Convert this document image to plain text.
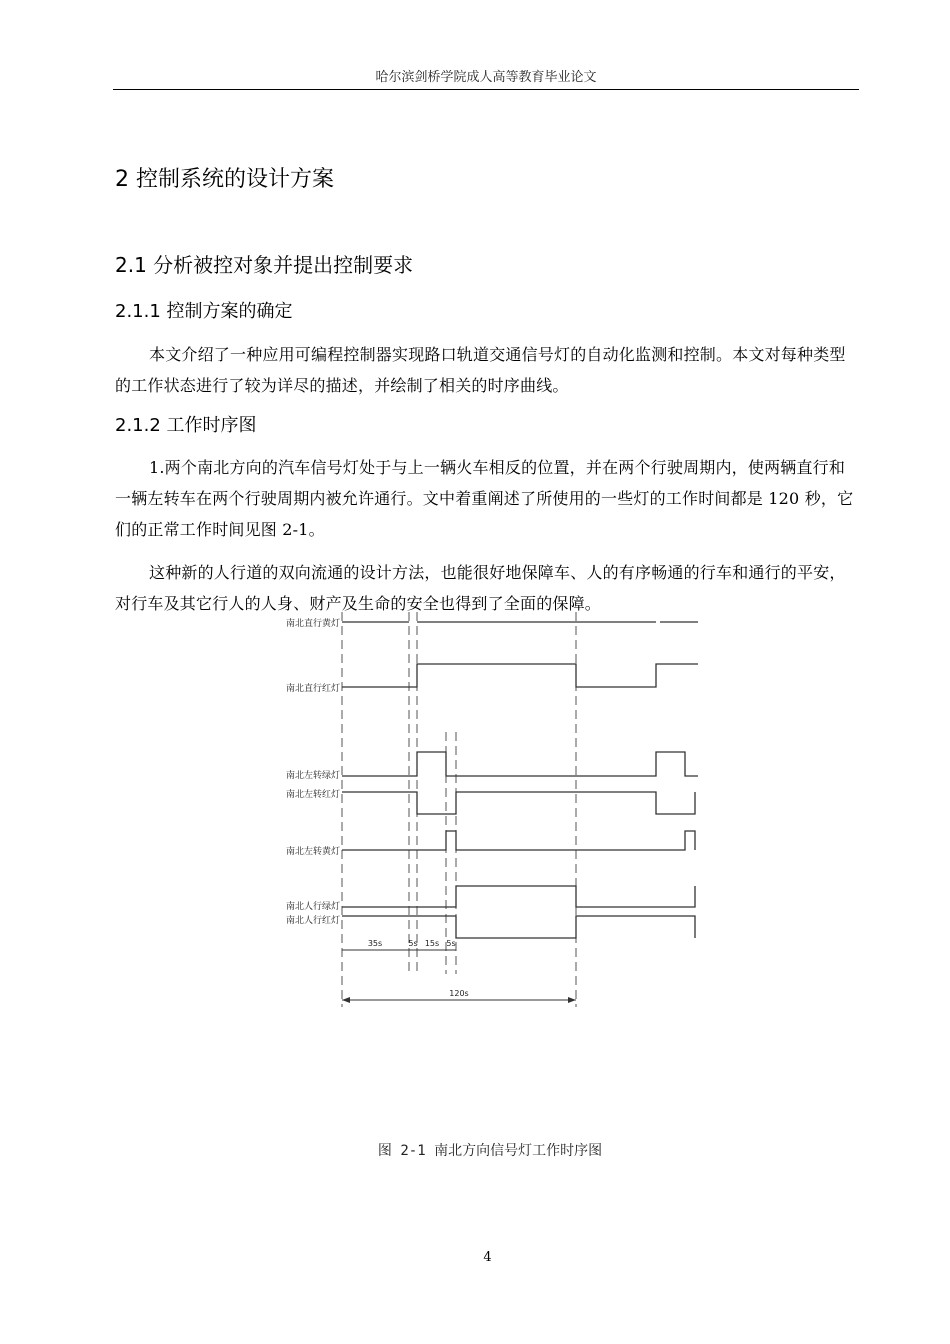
哈尔滨剑桥学院成人高等教育毕业论文
2 控制系统的设计方案
2.1 分析被控对象并提出控制要求
2.1.1 控制方案的确定
本文介绍了一种应用可编程控制器实现路口轨道交通信号灯的自动化监测和控制。本文对每种类型的工作状态进行了较为详尽的描述，并绘制了相关的时序曲线。
2.1.2 工作时序图
1.两个南北方向的汽车信号灯处于与上一辆火车相反的位置，并在两个行驶周期内，使两辆直行和一辆左转车在两个行驶周期内被允许通行。文中着重阐述了所使用的一些灯的工作时间都是 120 秒，它们的正常工作时间见图 2-1。
这种新的人行道的双向流通的设计方法，也能很好地保障车、人的有序畅通的行车和通行的平安，对行车及其它行人的人身、财产及生命的安全也得到了全面的保障。
南北直行黄灯
南北直行红灯
南北左转绿灯
南北左转红灯
南北左转黄灯
南北人行绿灯
南北人行红灯
35s	5s 15s 5s
120s
图 2-1 南北方向信号灯工作时序图
4
